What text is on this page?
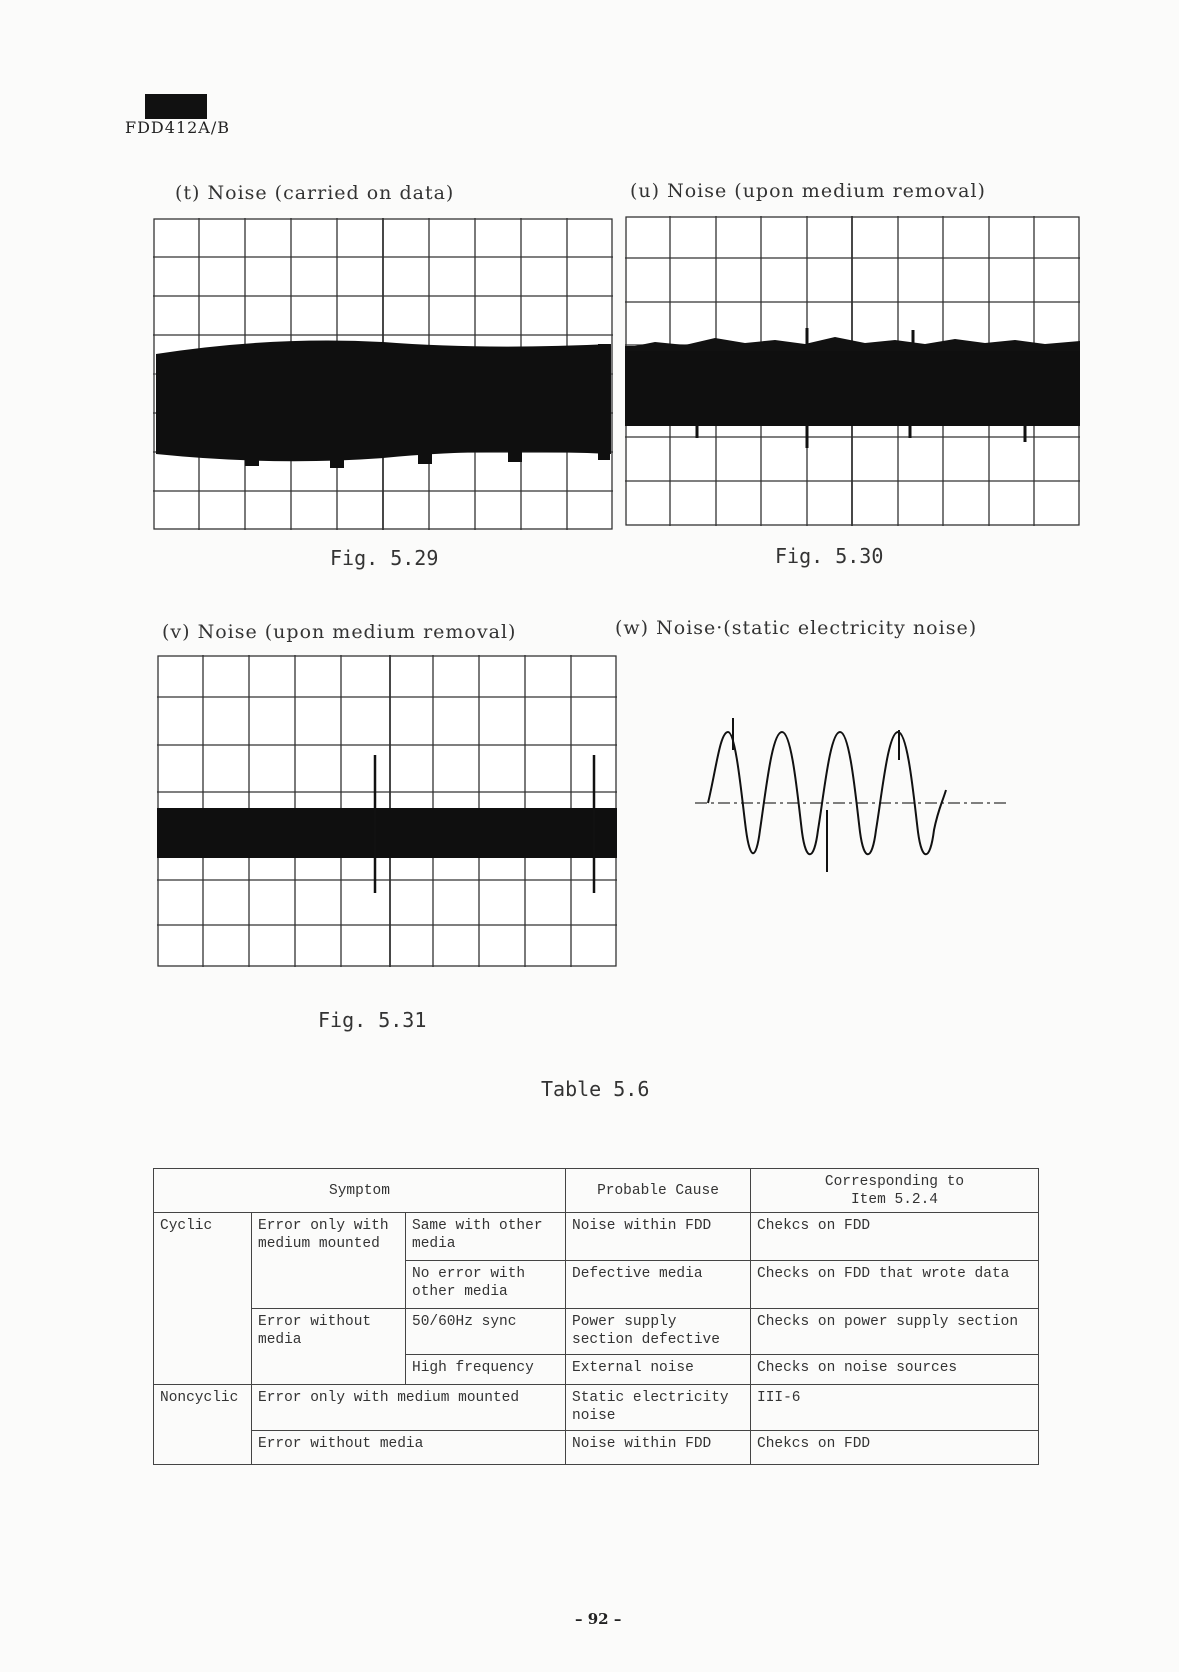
FDD412A/B
(t) Noise (carried on data)	(u) Noise (upon medium removal)
(v) Noise (upon medium removal)	(w) Noise·(static electricity noise)
Fig. 5.29	Fig. 5.30
Fig. 5.31
Table 5.6
Symptom			Probable Cause	Corresponding to Item 5.2.4
Cyclic	Error only with medium mounted	Same with other media	Noise within FDD	Chekcs on FDD
		No error with other media	Defective media	Checks on FDD that wrote data
	Error without media	50/60Hz sync	Power supply section defective	Checks on power supply section
		High frequency	External noise	Checks on noise sources
Noncyclic	Error only with medium mounted		Static electricity noise	III-6
	Error without media		Noise within FDD	Chekcs on FDD
– 92 –
